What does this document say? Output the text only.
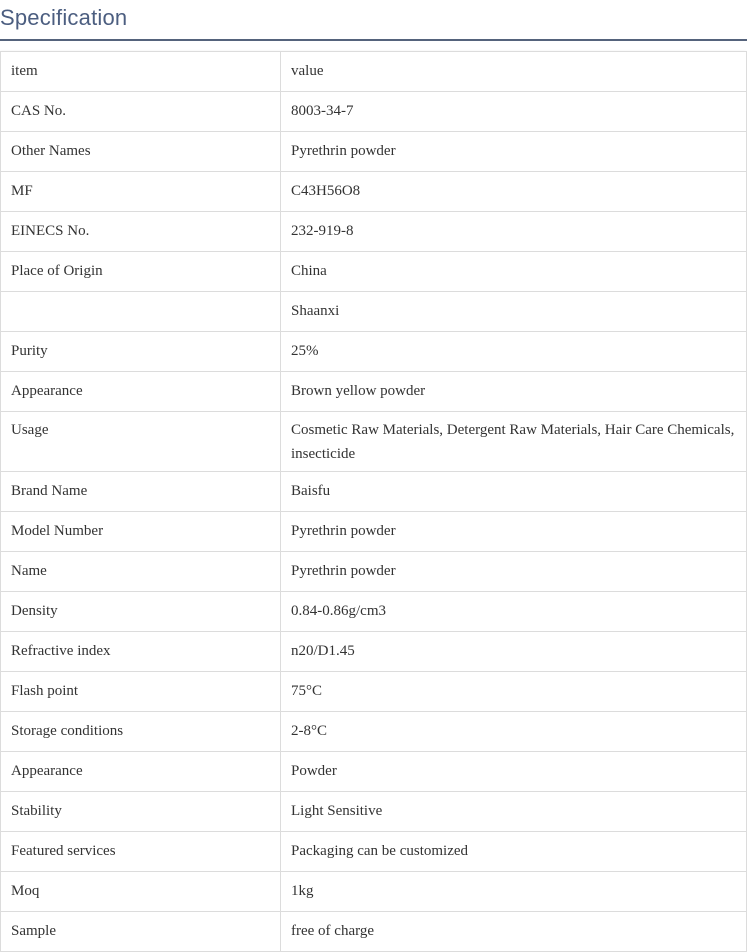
Specification
item	value
CAS No.	8003-34-7
Other Names	Pyrethrin powder
MF	C43H56O8
EINECS No.	232-919-8
Place of Origin	China
	Shaanxi
Purity	25%
Appearance	Brown yellow powder
Usage	Cosmetic Raw Materials, Detergent Raw Materials, Hair Care Chemicals, insecticide
Brand Name	Baisfu
Model Number	Pyrethrin powder
Name	Pyrethrin powder
Density	0.84-0.86g/cm3
Refractive index	n20/D1.45
Flash point	75°C
Storage conditions	2-8°C
Appearance	Powder
Stability	Light Sensitive
Featured services	Packaging can be customized
Moq	1kg
Sample	free of charge
